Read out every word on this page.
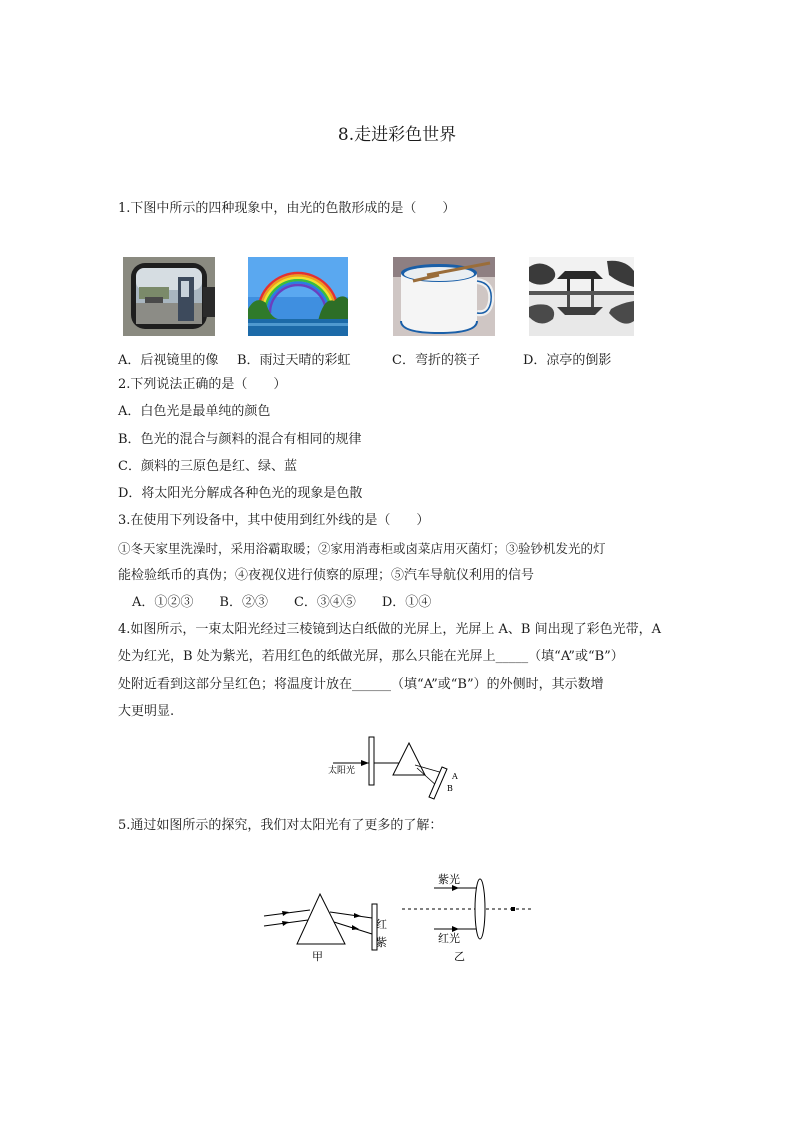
8.走进彩色世界
1.下图中所示的四种现象中，由光的色散形成的是（　　）
A．后视镜里的像 B．雨过天晴的彩虹	C．弯折的筷子	D．凉亭的倒影
2.下列说法正确的是（　　）
A．白色光是最单纯的颜色
B．色光的混合与颜料的混合有相同的规律
C．颜料的三原色是红、绿、蓝
D．将太阳光分解成各种色光的现象是色散
3.在使用下列设备中，其中使用到红外线的是（　　）
①冬天家里洗澡时，采用浴霸取暖；②家用消毒柜或卤菜店用灭菌灯；③验钞机发光的灯
能检验纸币的真伪；④夜视仪进行侦察的原理；⑤汽车导航仪利用的信号
A．①②③　　B．②③　　C．③④⑤　　D．①④
4.如图所示，一束太阳光经过三棱镜到达白纸做的光屏上，光屏上 A、B 间出现了彩色光带，A
处为红光，B 处为紫光，若用红色的纸做光屏，那么只能在光屏上_____（填“A”或“B”）
处附近看到这部分呈红色；将温度计放在______（填“A”或“B”）的外侧时，其示数增
大更明显.
太阳光
A
B
5.通过如图所示的探究，我们对太阳光有了更多的了解：
红
紫
甲
紫光
红光
乙
